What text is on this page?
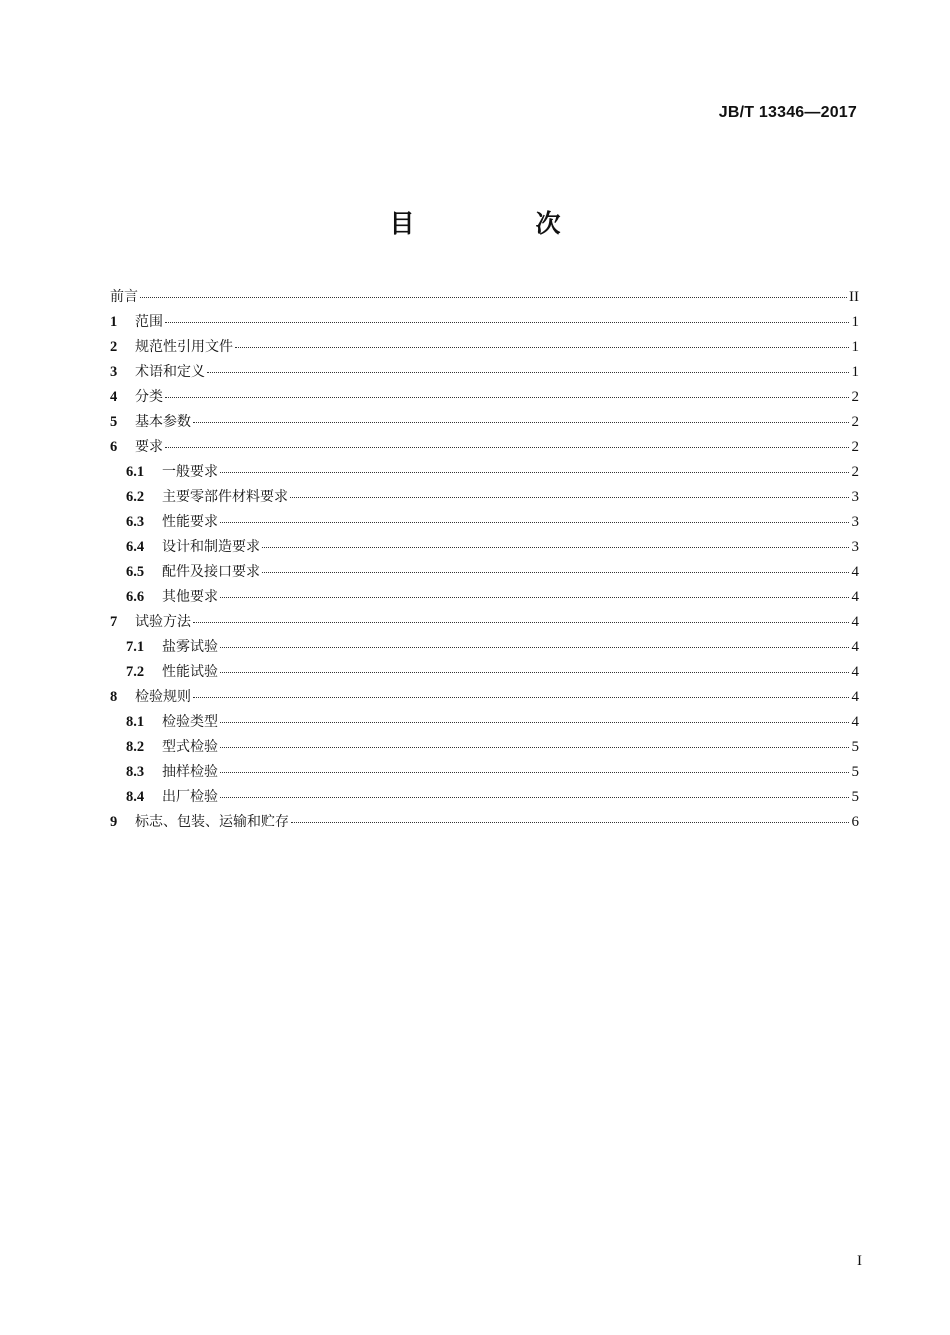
JB/T 13346—2017
目　次
前言	II
1	范围	1
2	规范性引用文件	1
3	术语和定义	1
4	分类	2
5	基本参数	2
6	要求	2
6.1	一般要求	2
6.2	主要零部件材料要求	3
6.3	性能要求	3
6.4	设计和制造要求	3
6.5	配件及接口要求	4
6.6	其他要求	4
7	试验方法	4
7.1	盐雾试验	4
7.2	性能试验	4
8	检验规则	4
8.1	检验类型	4
8.2	型式检验	5
8.3	抽样检验	5
8.4	出厂检验	5
9	标志、包装、运输和贮存	6
I
